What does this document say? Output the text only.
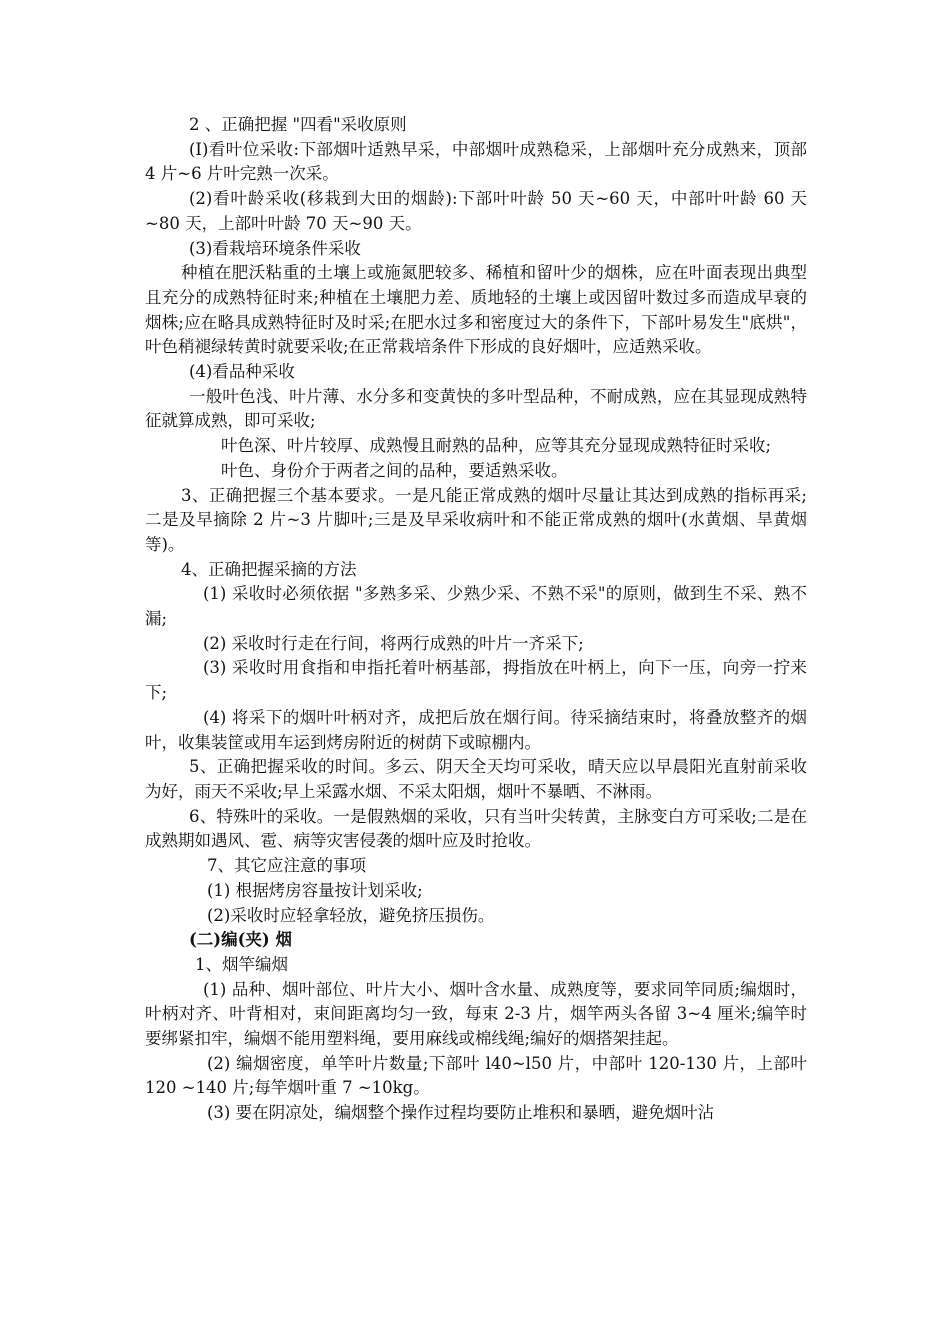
2 、正确把握 "四看"采收原则

(I)看叶位采收:下部烟叶适熟早采，中部烟叶成熟稳采，上部烟叶充分成熟来，顶部 4 片~6 片叶完熟一次采。

(2)看叶龄采收(移栽到大田的烟龄):下部叶叶龄 50 天~60 天，中部叶叶龄 60 天~80 天，上部叶叶龄 70 天~90 天。

(3)看栽培环境条件采收

种植在肥沃粘重的土壤上或施氮肥较多、稀植和留叶少的烟株，应在叶面表现出典型且充分的成熟特征时来;种植在土壤肥力差、质地轻的土壤上或因留叶数过多而造成早衰的烟株;应在略具成熟特征时及时采;在肥水过多和密度过大的条件下，下部叶易发生"底烘"，叶色稍褪绿转黄时就要采收;在正常栽培条件下形成的良好烟叶，应适熟采收。

(4)看品种采收

一般叶色浅、叶片薄、水分多和变黄快的多叶型品种，不耐成熟，应在其显现成熟特征就算成熟，即可采收;

叶色深、叶片较厚、成熟慢且耐熟的品种，应等其充分显现成熟特征时采收;

叶色、身份介于两者之间的品种，要适熟采收。

3、正确把握三个基本要求。一是凡能正常成熟的烟叶尽量让其达到成熟的指标再采;二是及早摘除 2 片~3 片脚叶;三是及早采收病叶和不能正常成熟的烟叶(水黄烟、旱黄烟等)。

4、正确把握采摘的方法

(1) 采收时必须依据 "多熟多采、少熟少采、不熟不采"的原则，做到生不采、熟不漏;

(2) 采收时行走在行间，将两行成熟的叶片一齐采下;

(3) 采收时用食指和申指托着叶柄基部，拇指放在叶柄上，向下一压，向旁一拧来下;

(4) 将采下的烟叶叶柄对齐，成把后放在烟行间。待采摘结束时，将叠放整齐的烟叶，收集装筐或用车运到烤房附近的树荫下或晾棚内。

5、正确把握采收的时间。多云、阴天全天均可采收，晴天应以早晨阳光直射前采收为好，雨天不采收;早上采露水烟、不采太阳烟，烟叶不暴晒、不淋雨。

6、特殊叶的采收。一是假熟烟的采收，只有当叶尖转黄，主脉变白方可采收;二是在成熟期如遇风、雹、病等灾害侵袭的烟叶应及时抢收。

7、其它应注意的事项

(1) 根据烤房容量按计划采收;

(2)采收时应轻拿轻放，避免挤压损伤。

(二)编(夹) 烟

1、烟竿编烟

(1) 品种、烟叶部位、叶片大小、烟叶含水量、成熟度等，要求同竿同质;编烟时，叶柄对齐、叶背相对，束间距离均匀一致，每束 2-3 片，烟竿两头各留 3~4 厘米;编竿时要绑紧扣牢，编烟不能用塑料绳，要用麻线或棉线绳;编好的烟搭架挂起。

(2) 编烟密度，单竿叶片数量;下部叶 l40~l50 片，中部叶 120-130 片，上部叶 120 ~140 片;每竿烟叶重 7 ~10kg。

(3) 要在阴凉处，编烟整个操作过程均要防止堆积和暴晒，避免烟叶沾
